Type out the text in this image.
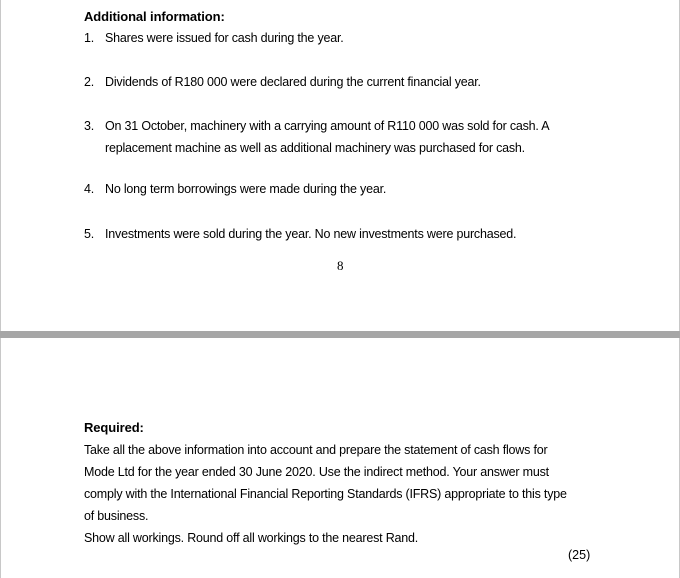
Additional information:
1. Shares were issued for cash during the year.
2. Dividends of R180 000 were declared during the current financial year.
3. On 31 October, machinery with a carrying amount of R110 000 was sold for cash. A
replacement machine as well as additional machinery was purchased for cash.
4. No long term borrowings were made during the year.
5. Investments were sold during the year. No new investments were purchased.
8
Required:
Take all the above information into account and prepare the statement of cash flows for
Mode Ltd for the year ended 30 June 2020. Use the indirect method. Your answer must
comply with the International Financial Reporting Standards (IFRS) appropriate to this type
of business.
Show all workings. Round off all workings to the nearest Rand.
(25)
